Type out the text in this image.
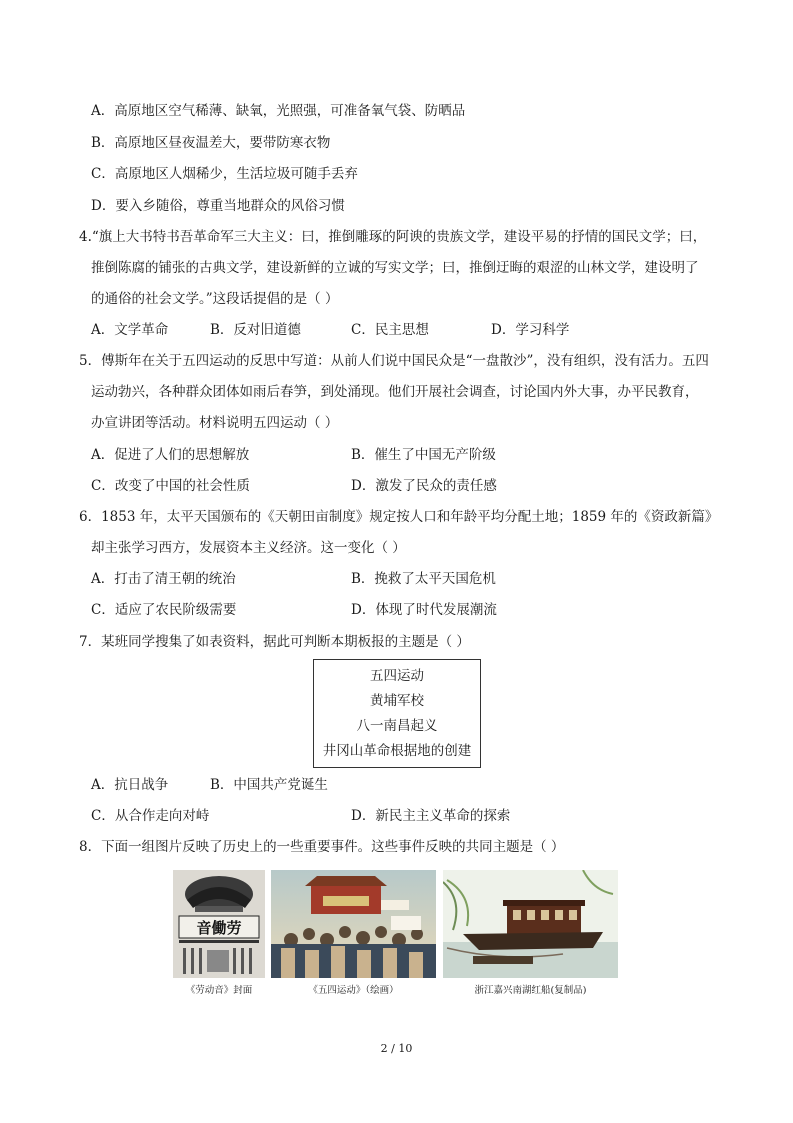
A．高原地区空气稀薄、缺氧，光照强，可准备氧气袋、防晒品
B．高原地区昼夜温差大，要带防寒衣物
C．高原地区人烟稀少，生活垃圾可随手丢弃
D．要入乡随俗，尊重当地群众的风俗习惯
4.“旗上大书特书吾革命军三大主义：曰，推倒雕琢的阿谀的贵族文学，建设平易的抒情的国民文学；曰，
推倒陈腐的铺张的古典文学，建设新鲜的立诚的写实文学；曰，推倒迂晦的艰涩的山林文学，建设明了
的通俗的社会文学。”这段话提倡的是（ ）
A．文学革命	B．反对旧道德	C．民主思想	D．学习科学
5．傅斯年在关于五四运动的反思中写道：从前人们说中国民众是“一盘散沙”，没有组织，没有活力。五四
运动勃兴，各种群众团体如雨后春笋，到处涌现。他们开展社会调查，讨论国内外大事，办平民教育，
办宣讲团等活动。材料说明五四运动（ ）
A．促进了人们的思想解放	B．催生了中国无产阶级
C．改变了中国的社会性质	D．激发了民众的责任感
6．1853 年，太平天国颁布的《天朝田亩制度》规定按人口和年龄平均分配土地；1859 年的《资政新篇》
却主张学习西方，发展资本主义经济。这一变化（ ）
A．打击了清王朝的统治	B．挽救了太平天国危机
C．适应了农民阶级需要	D．体现了时代发展潮流
7．某班同学搜集了如表资料，据此可判断本期板报的主题是（ ）
五四运动
黄埔军校
八一南昌起义
井冈山革命根据地的创建
A．抗日战争	B．中国共产党诞生
C．从合作走向对峙	D．新民主主义革命的探索
8．下面一组图片反映了历史上的一些重要事件。这些事件反映的共同主题是（ ）
音働劳
《劳动音》封面	《五四运动》（绘画）	浙江嘉兴南湖红船(复制品)
2 / 10
